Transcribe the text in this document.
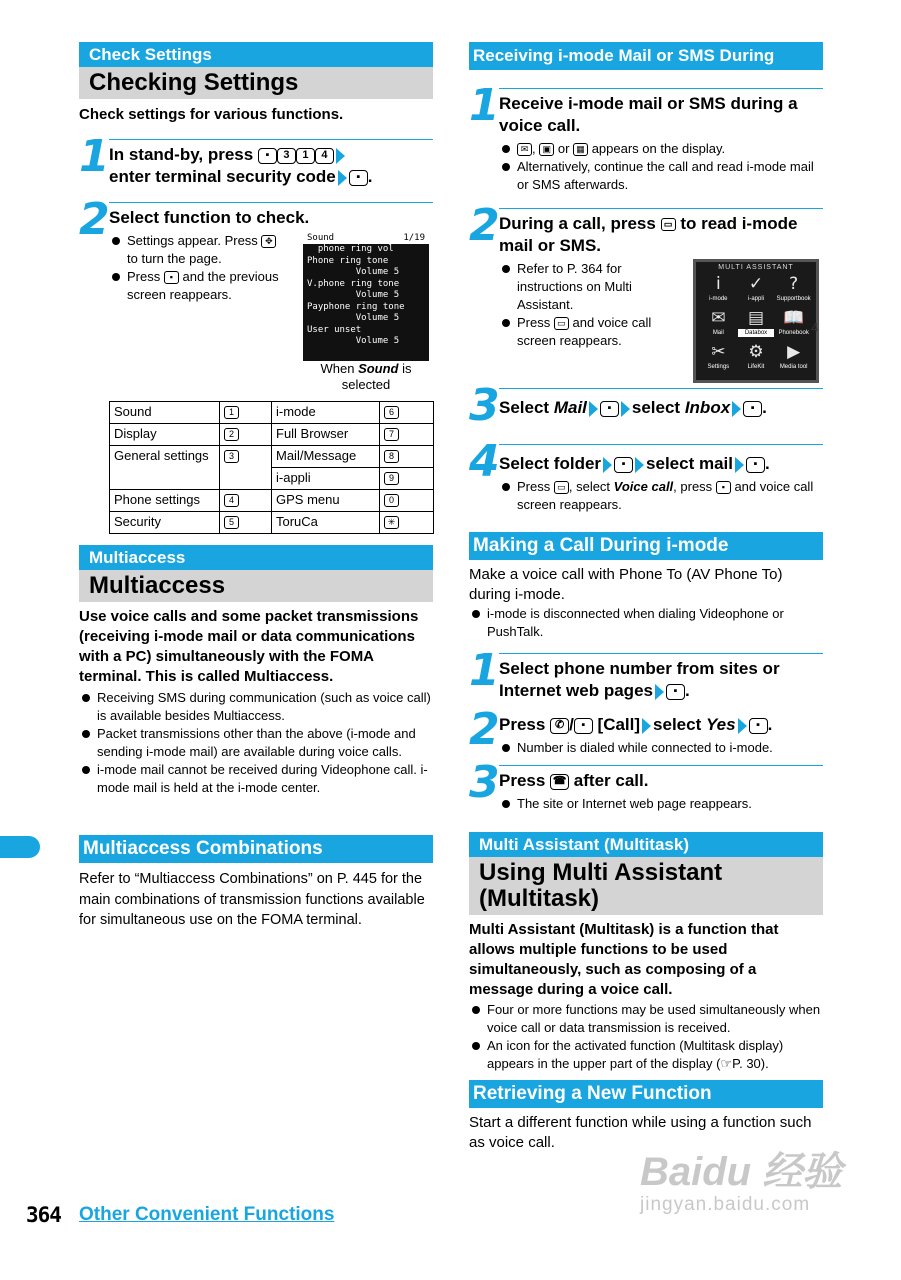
Check Settings
Checking Settings
Check settings for various functions.
1 In stand-by, press ▪ 3 1 4
enter terminal security code ▪ .
2 Select function to check.
Settings appear. Press ✥ to turn the page.
Press ▪ and the previous screen reappears.
Sound	1/19
phone ring vol
Phone ring tone
Volume 5
V.phone ring tone
Volume 5
Payphone ring tone
Volume 5
User unset
Volume 5
When Sound is selected
Sound	1	i-mode	6
Display	2	Full Browser	7
General settings	3	Mail/Message	8
		i-appli	9
Phone settings	4	GPS menu	0
Security	5	ToruCa	✳
Multiaccess
Multiaccess
Use voice calls and some packet transmissions (receiving i-mode mail or data communications with a PC) simultaneously with the FOMA terminal. This is called Multiaccess.
Receiving SMS during communication (such as voice call) is available besides Multiaccess.
Packet transmissions other than the above (i-mode and sending i-mode mail) are available during voice calls.
i-mode mail cannot be received during Videophone call. i-mode mail is held at the i-mode center.
Multiaccess Combinations
Refer to “Multiaccess Combinations” on P. 445 for the main combinations of transmission functions available for simultaneous use on the FOMA terminal.
Receiving i-mode Mail or SMS During Calls
1 Receive i-mode mail or SMS during a voice call.
✉ , ▣ or ▦ appears on the display.
Alternatively, continue the call and read i-mode mail or SMS afterwards.
2 During a call, press ▭ to read i-mode mail or SMS.
Refer to P. 364 for instructions on Multi Assistant.
Press ▭ and voice call screen reappears.
MULTI ASSISTANT
i
i-mode
✓
i-appli
?
Supportbook
✉
Mail
▤
Databox
📖
Phonebook
✂
Settings
⚙
LifeKit
▶
Media tool
4
3 Select Mail ▪ select Inbox ▪ .
4 Select folder ▪ select mail ▪ .
Press ▭ , select Voice call, press ▪ and voice call screen reappears.
Making a Call During i-mode
Make a voice call with Phone To (AV Phone To) during i-mode.
i-mode is disconnected when dialing Videophone or PushTalk.
1 Select phone number from sites or Internet web pages ▪ .
2 Press ✆ / ▪ [Call] select Yes ▪ .
Number is dialed while connected to i-mode.
3 Press ☎ after call.
The site or Internet web page reappears.
Multi Assistant (Multitask)
Using Multi Assistant (Multitask)
Multi Assistant (Multitask) is a function that allows multiple functions to be used simultaneously, such as composing of a message during a voice call.
Four or more functions may be used simultaneously when voice call or data transmission is received.
An icon for the activated function (Multitask display) appears in the upper part of the display (☞P. 30).
Retrieving a New Function
Start a different function while using a function such as voice call.
364 Other Convenient Functions
Baidu 经验
jingyan.baidu.com
